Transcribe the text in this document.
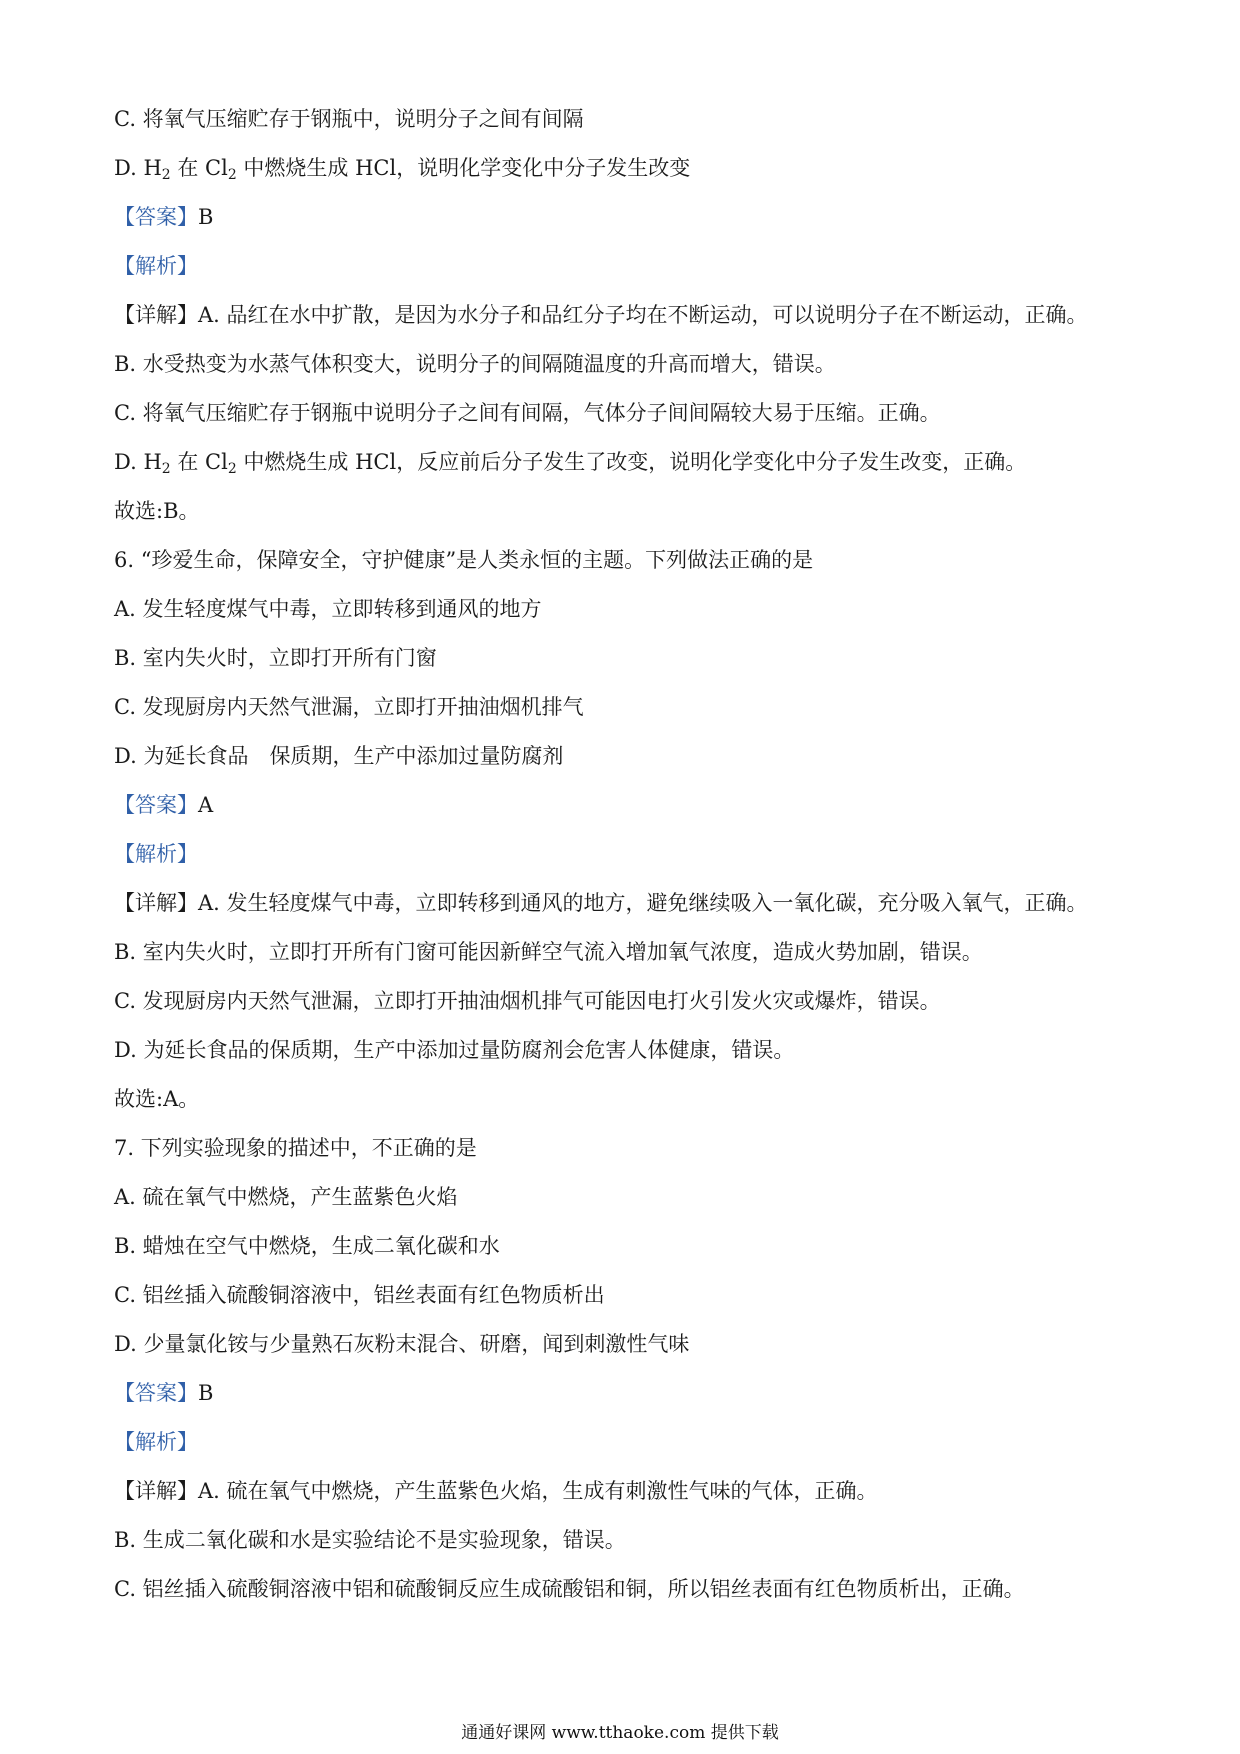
C. 将氧气压缩贮存于钢瓶中，说明分子之间有间隔
D. $H_2$ 在 $Cl_2$ 中燃烧生成 HCl，说明化学变化中分子发生改变
【答案】B
【解析】
【详解】A. 品红在水中扩散，是因为水分子和品红分子均在不断运动，可以说明分子在不断运动，正确。
B. 水受热变为水蒸气体积变大，说明分子的间隔随温度的升高而增大，错误。
C. 将氧气压缩贮存于钢瓶中说明分子之间有间隔，气体分子间间隔较大易于压缩。正确。
D. $H_2$ 在 $Cl_2$ 中燃烧生成 HCl，反应前后分子发生了改变，说明化学变化中分子发生改变，正确。
故选:B。
6. “珍爱生命，保障安全，守护健康”是人类永恒的主题。下列做法正确的是
A. 发生轻度煤气中毒，立即转移到通风的地方
B. 室内失火时，立即打开所有门窗
C. 发现厨房内天然气泄漏，立即打开抽油烟机排气
D. 为延长食品　保质期，生产中添加过量防腐剂
【答案】A
【解析】
【详解】A. 发生轻度煤气中毒，立即转移到通风的地方，避免继续吸入一氧化碳，充分吸入氧气，正确。
B. 室内失火时，立即打开所有门窗可能因新鲜空气流入增加氧气浓度，造成火势加剧，错误。
C. 发现厨房内天然气泄漏，立即打开抽油烟机排气可能因电打火引发火灾或爆炸，错误。
D. 为延长食品的保质期，生产中添加过量防腐剂会危害人体健康，错误。
故选:A。
7. 下列实验现象的描述中，不正确的是
A. 硫在氧气中燃烧，产生蓝紫色火焰
B. 蜡烛在空气中燃烧，生成二氧化碳和水
C. 铝丝插入硫酸铜溶液中，铝丝表面有红色物质析出
D. 少量氯化铵与少量熟石灰粉末混合、研磨，闻到刺激性气味
【答案】B
【解析】
【详解】A. 硫在氧气中燃烧，产生蓝紫色火焰，生成有刺激性气味的气体，正确。
B. 生成二氧化碳和水是实验结论不是实验现象，错误。
C. 铝丝插入硫酸铜溶液中铝和硫酸铜反应生成硫酸铝和铜，所以铝丝表面有红色物质析出，正确。
通通好课网 www.tthaoke.com 提供下载
